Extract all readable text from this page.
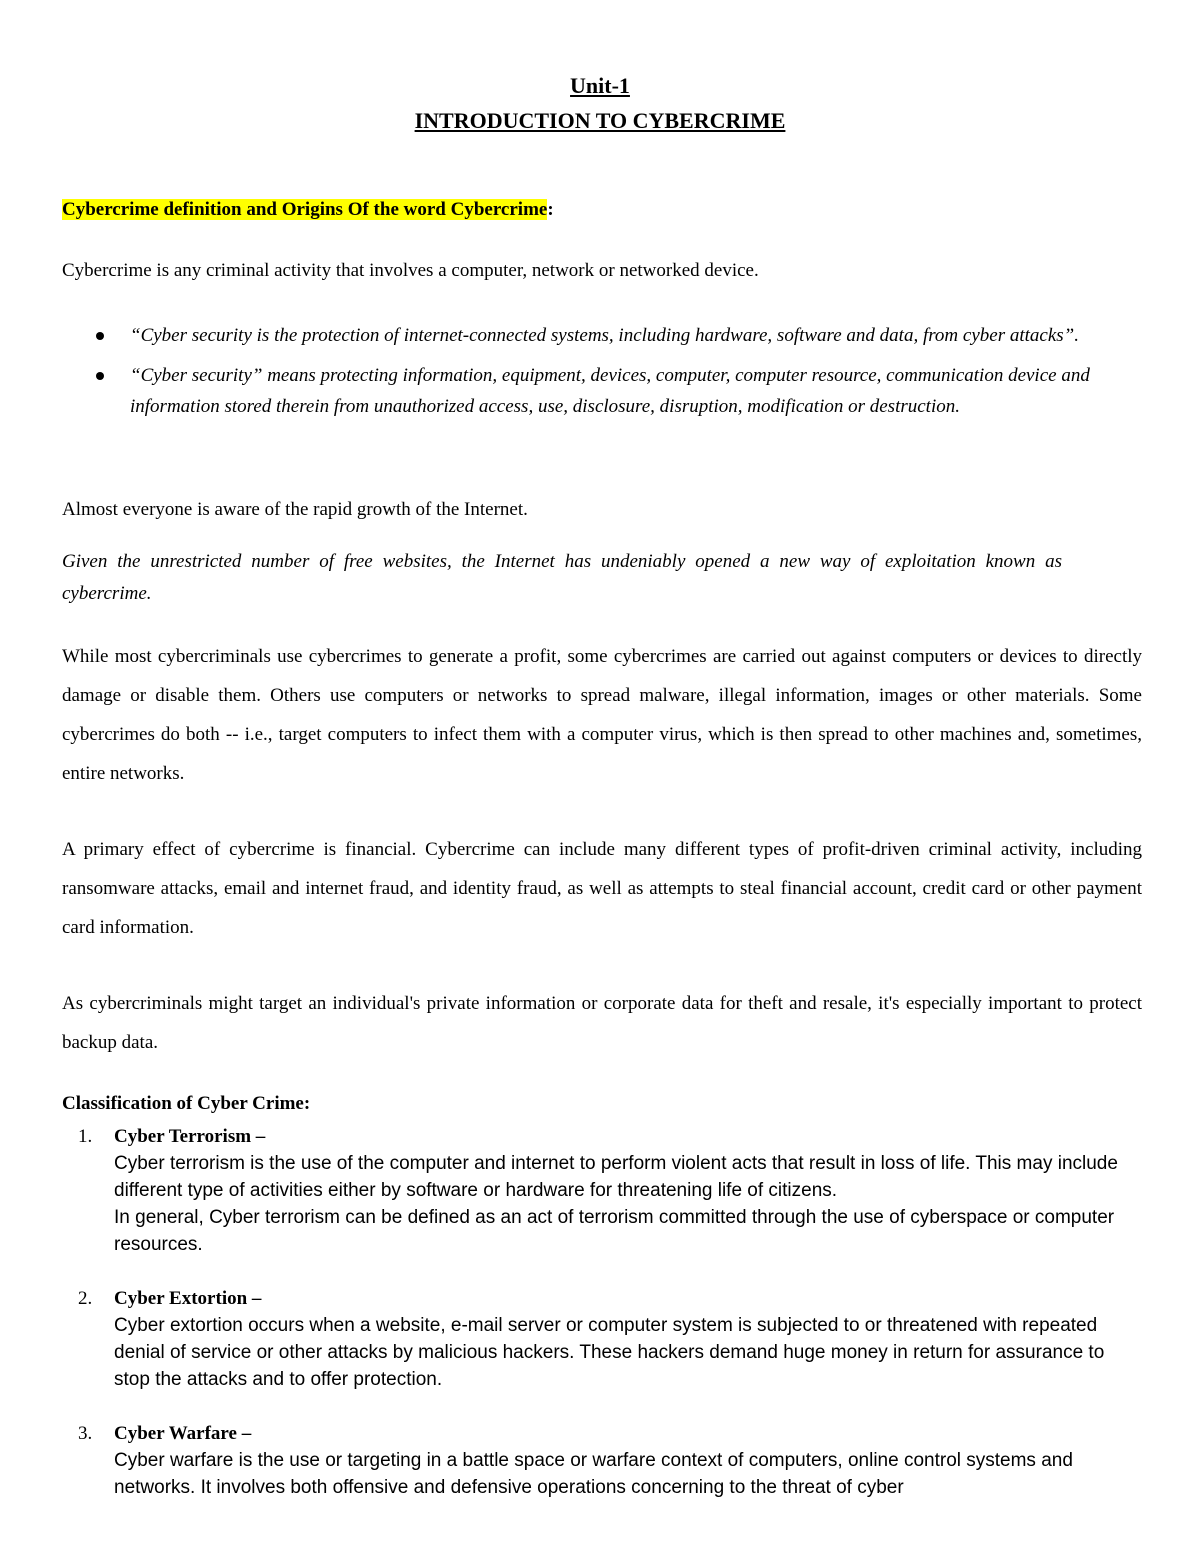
Unit-1
INTRODUCTION TO CYBERCRIME
Cybercrime definition and Origins Of the word Cybercrime:
Cybercrime is any criminal activity that involves a computer, network or networked device.
“Cyber security is the protection of internet-connected systems, including hardware, software and data, from cyber attacks”.
“Cyber security” means protecting information, equipment, devices, computer, computer resource, communication device and information stored therein from unauthorized access, use, disclosure, disruption, modification or destruction.
Almost everyone is aware of the rapid growth of the Internet.
Given the unrestricted number of free websites, the Internet has undeniably opened a new way of exploitation known as cybercrime.
While most cybercriminals use cybercrimes to generate a profit, some cybercrimes are carried out against computers or devices to directly damage or disable them. Others use computers or networks to spread malware, illegal information, images or other materials. Some cybercrimes do both -- i.e., target computers to infect them with a computer virus, which is then spread to other machines and, sometimes, entire networks.
A primary effect of cybercrime is financial. Cybercrime can include many different types of profit-driven criminal activity, including ransomware attacks, email and internet fraud, and identity fraud, as well as attempts to steal financial account, credit card or other payment card information.
As cybercriminals might target an individual's private information or corporate data for theft and resale, it's especially important to protect backup data.
Classification of Cyber Crime:
1. Cyber Terrorism –
Cyber terrorism is the use of the computer and internet to perform violent acts that result in loss of life. This may include different type of activities either by software or hardware for threatening life of citizens.
In general, Cyber terrorism can be defined as an act of terrorism committed through the use of cyberspace or computer resources.
2. Cyber Extortion –
Cyber extortion occurs when a website, e-mail server or computer system is subjected to or threatened with repeated denial of service or other attacks by malicious hackers. These hackers demand huge money in return for assurance to stop the attacks and to offer protection.
3. Cyber Warfare –
Cyber warfare is the use or targeting in a battle space or warfare context of computers, online control systems and networks. It involves both offensive and defensive operations concerning to the threat of cyber
